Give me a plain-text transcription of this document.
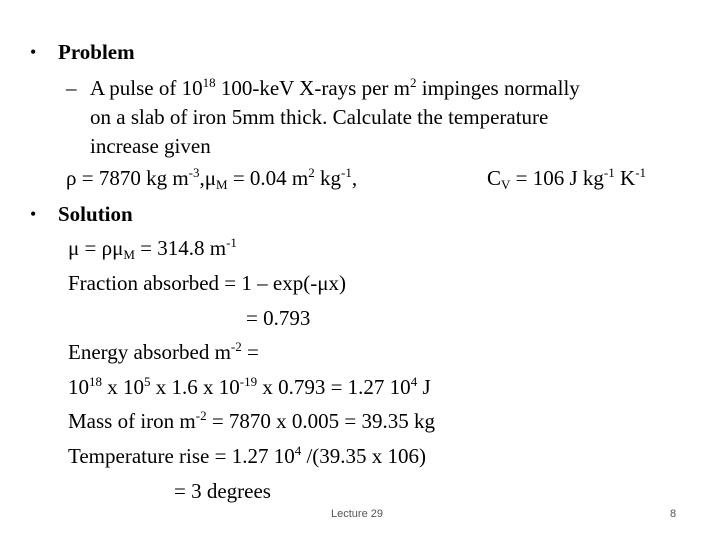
• Problem
– A pulse of $10^{18}$ 100-keV X-rays per $m^2$ impinges normally
on a slab of iron 5mm thick. Calculate the temperature
increase given
ρ = 7870 kg $m^{-3},\mu_M = 0.04$ $m^2$ $kg^{-1}$,	$C_V = 106$ J $kg^{-1}$ $K^{-1}$
• Solution
$\mu = \rho\mu_M = 314.8$ $m^{-1}$
Fraction absorbed = 1 – exp(-μx)
= 0.793
Energy absorbed $m^{-2}$ =
$10^{18}$ x $10^5$ x 1.6 x $10^{-19}$ x 0.793 = 1.27 $10^4$ J
Mass of iron $m^{-2} = 7870$ x 0.005 = 39.35 kg
Temperature rise = 1.27 $10^4$ /(39.35 x 106)
= 3 degrees
Lecture 29	8
